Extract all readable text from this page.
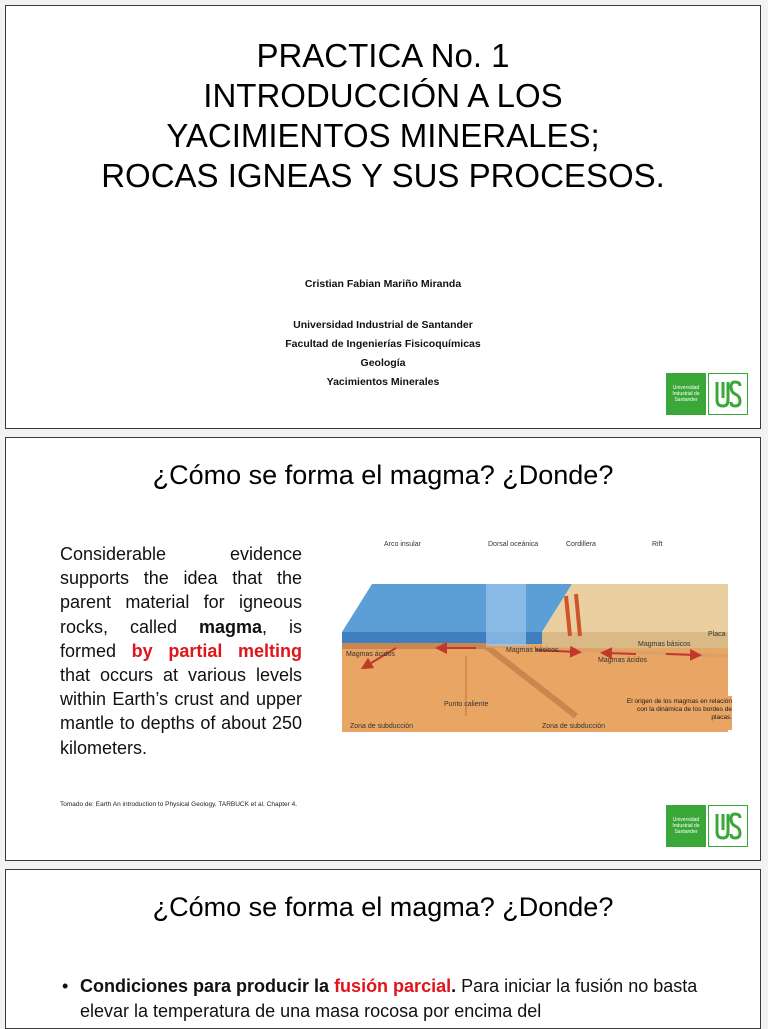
PRACTICA No. 1
INTRODUCCIÓN A LOS
YACIMIENTOS MINERALES;
ROCAS IGNEAS Y SUS PROCESOS.
Cristian Fabian Mariño Miranda
Universidad Industrial de Santander
Facultad de Ingenierías Fisicoquímicas
Geología
Yacimientos Minerales	Universidad
Industrial de
Santander
¿Cómo se forma el magma? ¿Donde?
Considerable evidence supports the idea that the parent material for igneous rocks, called magma, is formed by partial melting that occurs at various levels within Earth’s crust and upper mantle to depths of about 250 kilometers.
Tomado de: Earth An introduction to Physical Geology, TARBUCK et al. Chapter 4.
Arco insular	Dorsal oceánica	Cordillera	Rift
Placa
Magmas ácidos
Magmas básicos
Magmas ácidos
Magmas básicos
Punto caliente
Zona de subducción	Zona de subducción
El origen de los magmas en relación con la dinámica de los bordes de placas.
Universidad
Industrial de
Santander
¿Cómo se forma el magma? ¿Donde?
• Condiciones para producir la fusión parcial. Para iniciar la fusión no basta elevar la temperatura de una masa rocosa por encima del
